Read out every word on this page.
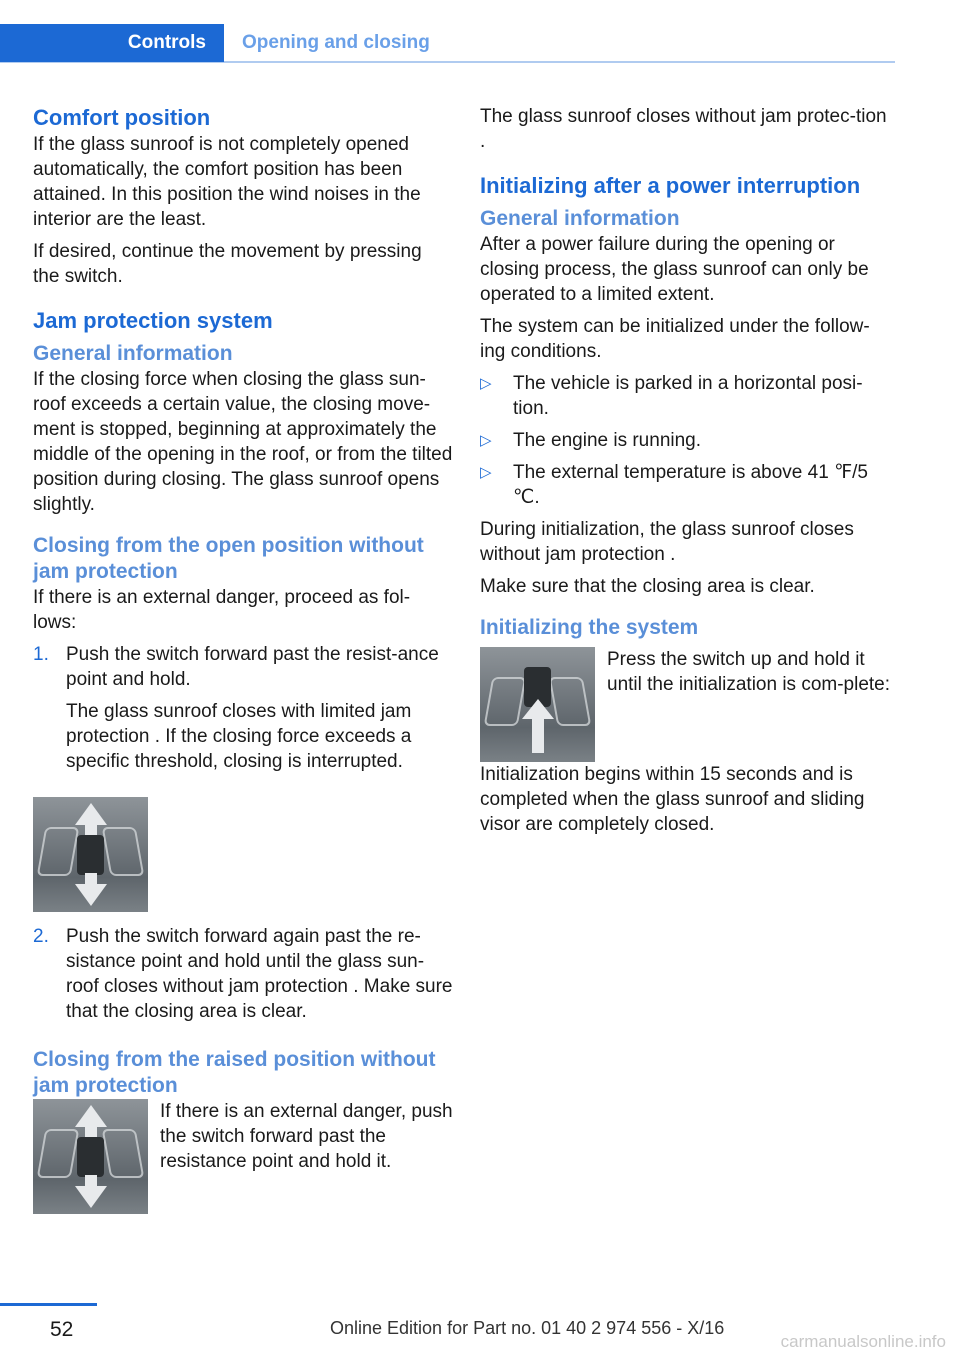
Controls	Opening and closing
Comfort position

If the glass sunroof is not completely opened automatically, the comfort position has been attained. In this position the wind noises in the interior are the least.

If desired, continue the movement by pressing the switch.

Jam protection system
General information

If the closing force when closing the glass sun‐roof exceeds a certain value, the closing move‐ment is stopped, beginning at approximately the middle of the opening in the roof, or from the tilted position during closing. The glass sunroof opens slightly.

Closing from the open position without jam protection

If there is an external danger, proceed as fol‐lows:

1. Push the switch forward past the resist‐ance point and hold.

The glass sunroof closes with limited jam protection . If the closing force exceeds a specific threshold, closing is interrupted.

2. Push the switch forward again past the re‐sistance point and hold until the glass sun‐roof closes without jam protection . Make sure that the closing area is clear.

Closing from the raised position without jam protection

If there is an external danger, push the switch forward past the resistance point and hold it.

The glass sunroof closes without jam protec‐tion .

Initializing after a power interruption
General information

After a power failure during the opening or closing process, the glass sunroof can only be operated to a limited extent.

The system can be initialized under the follow‐ing conditions.

▷	The vehicle is parked in a horizontal posi‐tion.
▷	The engine is running.
▷	The external temperature is above 41 ℉/5 ℃.

During initialization, the glass sunroof closes without jam protection .

Make sure that the closing area is clear.

Initializing the system

Press the switch up and hold it until the initialization is com‐plete:

Initialization begins within 15 seconds and is completed when the glass sunroof and sliding visor are completely closed.

52	Online Edition for Part no. 01 40 2 974 556 - X/16
carmanualsonline.info
